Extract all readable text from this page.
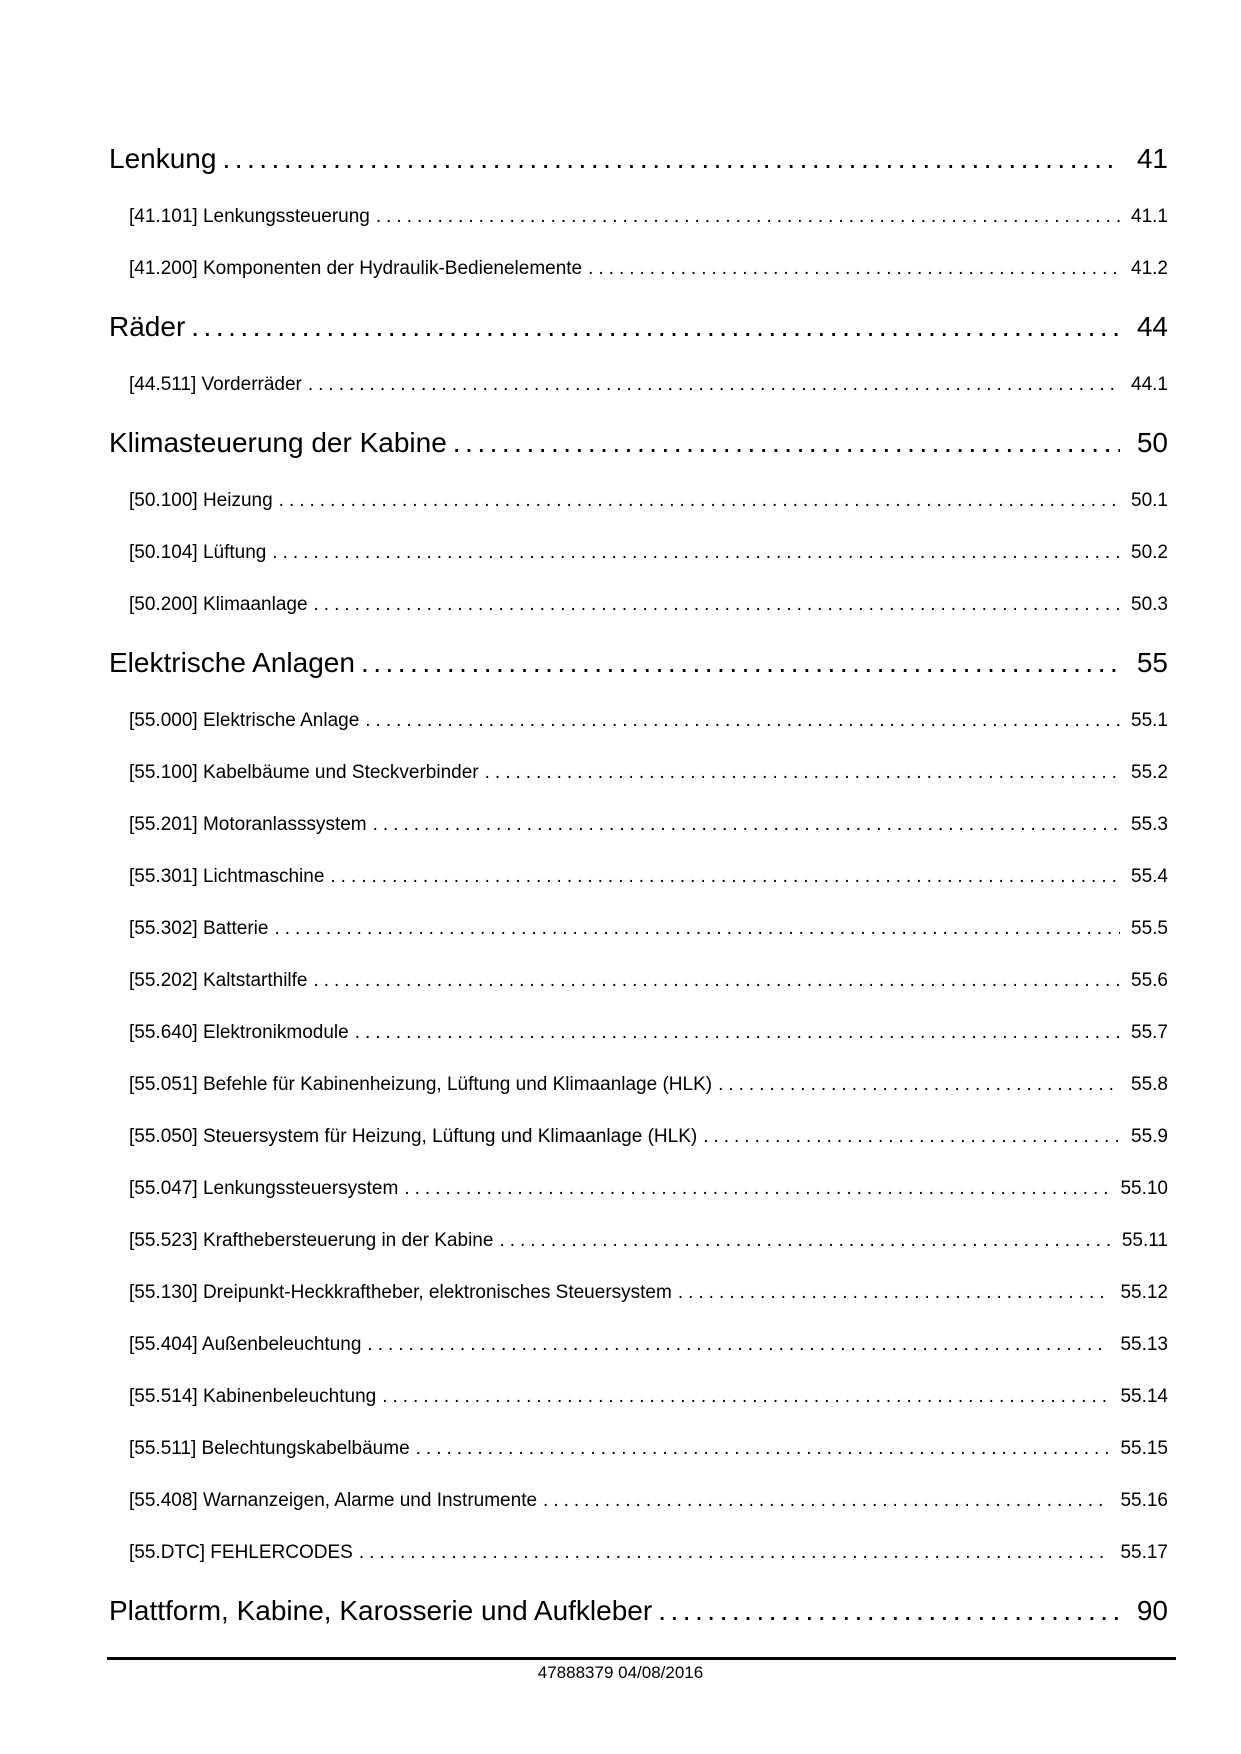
Lenkung .....	41
[41.101] Lenkungssteuerung .....	41.1
[41.200] Komponenten der Hydraulik-Bedienelemente .....	41.2
Räder .....	44
[44.511] Vorderräder .....	44.1
Klimasteuerung der Kabine .....	50
[50.100] Heizung .....	50.1
[50.104] Lüftung .....	50.2
[50.200] Klimaanlage .....	50.3
Elektrische Anlagen .....	55
[55.000] Elektrische Anlage .....	55.1
[55.100] Kabelbäume und Steckverbinder .....	55.2
[55.201] Motoranlasssystem .....	55.3
[55.301] Lichtmaschine .....	55.4
[55.302] Batterie .....	55.5
[55.202] Kaltstarthilfe .....	55.6
[55.640] Elektronikmodule .....	55.7
[55.051] Befehle für Kabinenheizung, Lüftung und Klimaanlage (HLK) .....	55.8
[55.050] Steuersystem für Heizung, Lüftung und Klimaanlage (HLK) .....	55.9
[55.047] Lenkungssteuersystem .....	55.10
[55.523] Krafthebersteuerung in der Kabine .....	55.11
[55.130] Dreipunkt-Heckkraftheber, elektronisches Steuersystem .....	55.12
[55.404] Außenbeleuchtung .....	55.13
[55.514] Kabinenbeleuchtung .....	55.14
[55.511] Belechtungskabelbäume .....	55.15
[55.408] Warnanzeigen, Alarme und Instrumente .....	55.16
[55.DTC] FEHLERCODES .....	55.17
Plattform, Kabine, Karosserie und Aufkleber .....	90
47888379 04/08/2016
